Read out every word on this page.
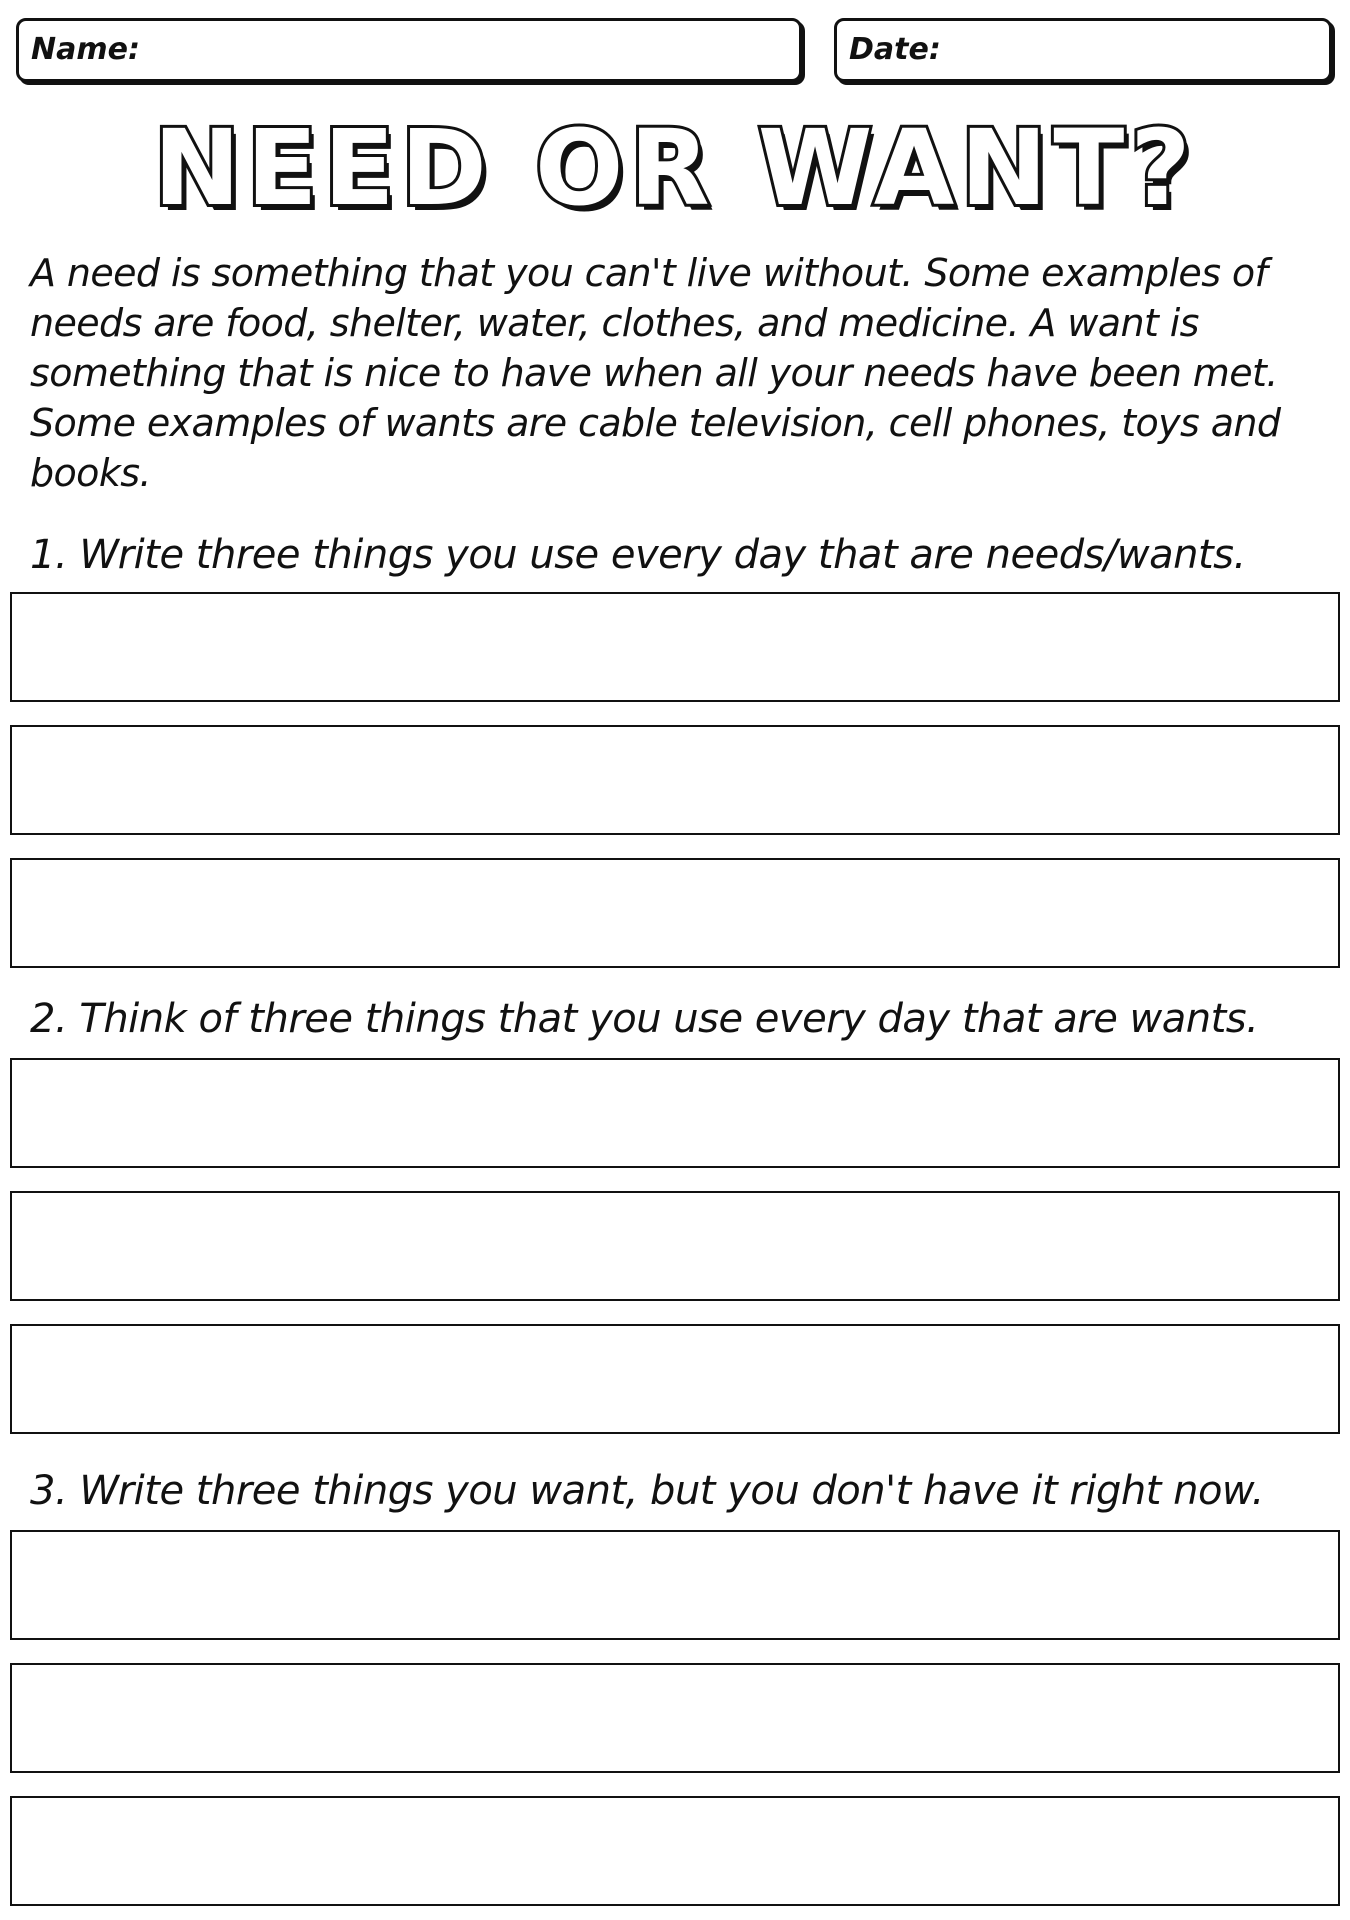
Name:	Date:
NEED OR WANT?
A need is something that you can't live without. Some examples of needs are food, shelter, water, clothes, and medicine. A want is something that is nice to have when all your needs have been met. Some examples of wants are cable television, cell phones, toys and books.
1. Write three things you use every day that are needs/wants.
2. Think of three things that you use every day that are wants.
3. Write three things you want, but you don't have it right now.
